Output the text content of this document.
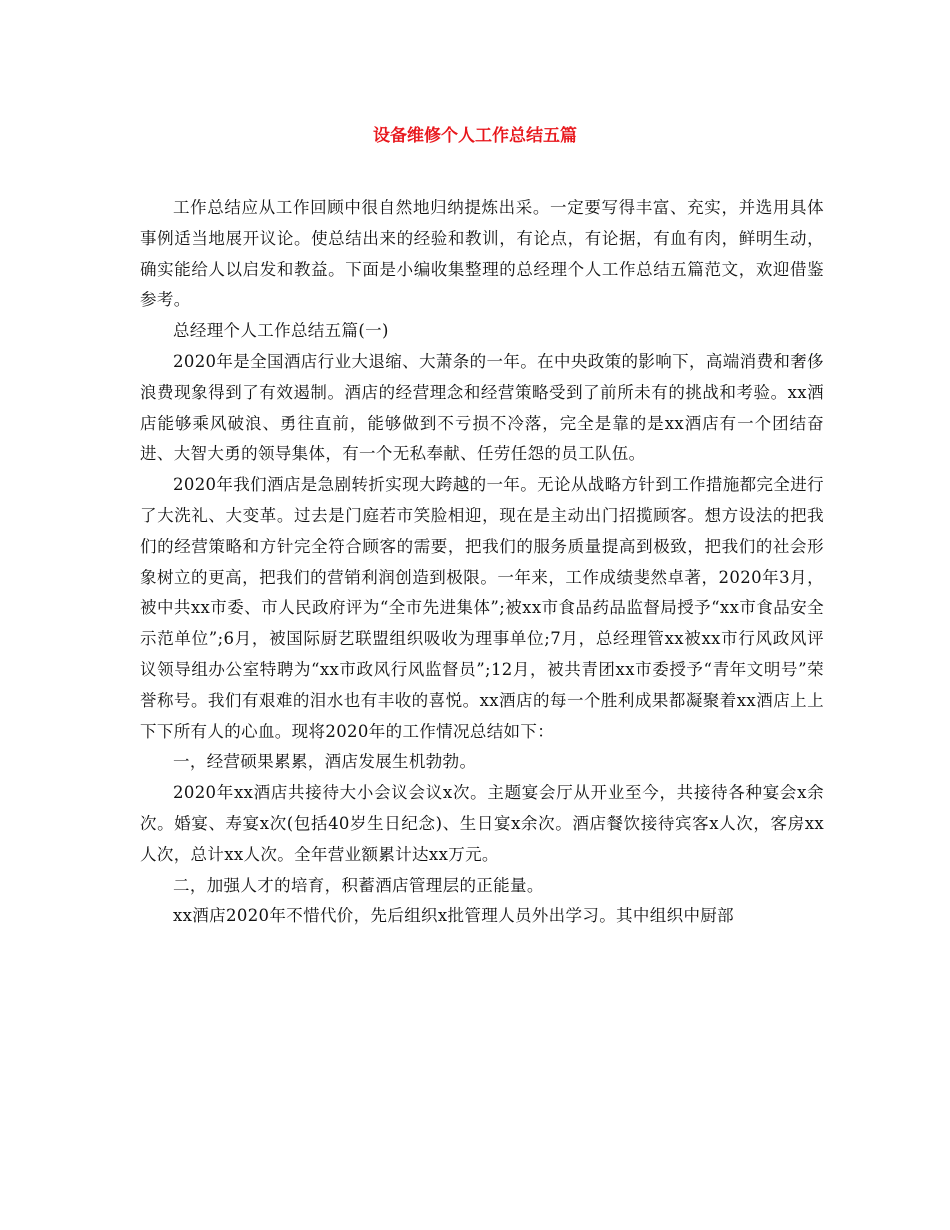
设备维修个人工作总结五篇

工作总结应从工作回顾中很自然地归纳提炼出采。一定要写得丰富、充实，并选用具体事例适当地展开议论。使总结出来的经验和教训，有论点，有论据，有血有肉，鲜明生动，确实能给人以启发和教益。下面是小编收集整理的总经理个人工作总结五篇范文，欢迎借鉴参考。

总经理个人工作总结五篇(一)

2020年是全国酒店行业大退缩、大萧条的一年。在中央政策的影响下，高端消费和奢侈浪费现象得到了有效遏制。酒店的经营理念和经营策略受到了前所未有的挑战和考验。xx酒店能够乘风破浪、勇往直前，能够做到不亏损不冷落，完全是靠的是xx酒店有一个团结奋进、大智大勇的领导集体，有一个无私奉献、任劳任怨的员工队伍。

2020年我们酒店是急剧转折实现大跨越的一年。无论从战略方针到工作措施都完全进行了大洗礼、大变革。过去是门庭若市笑脸相迎，现在是主动出门招揽顾客。想方设法的把我们的经营策略和方针完全符合顾客的需要，把我们的服务质量提高到极致，把我们的社会形象树立的更高，把我们的营销利润创造到极限。一年来，工作成绩斐然卓著，2020年3月，被中共xx市委、市人民政府评为“全市先进集体”;被xx市食品药品监督局授予“xx市食品安全示范单位”;6月，被国际厨艺联盟组织吸收为理事单位;7月，总经理管xx被xx市行风政风评议领导组办公室特聘为“xx市政风行风监督员”;12月，被共青团xx市委授予“青年文明号”荣誉称号。我们有艰难的泪水也有丰收的喜悦。xx酒店的每一个胜利成果都凝聚着xx酒店上上下下所有人的心血。现将2020年的工作情况总结如下：

一，经营硕果累累，酒店发展生机勃勃。

2020年xx酒店共接待大小会议会议x次。主题宴会厅从开业至今，共接待各种宴会x余次。婚宴、寿宴x次(包括40岁生日纪念)、生日宴x余次。酒店餐饮接待宾客x人次，客房xx人次，总计xx人次。全年营业额累计达xx万元。

二，加强人才的培育，积蓄酒店管理层的正能量。

xx酒店2020年不惜代价，先后组织x批管理人员外出学习。其中组织中厨部
